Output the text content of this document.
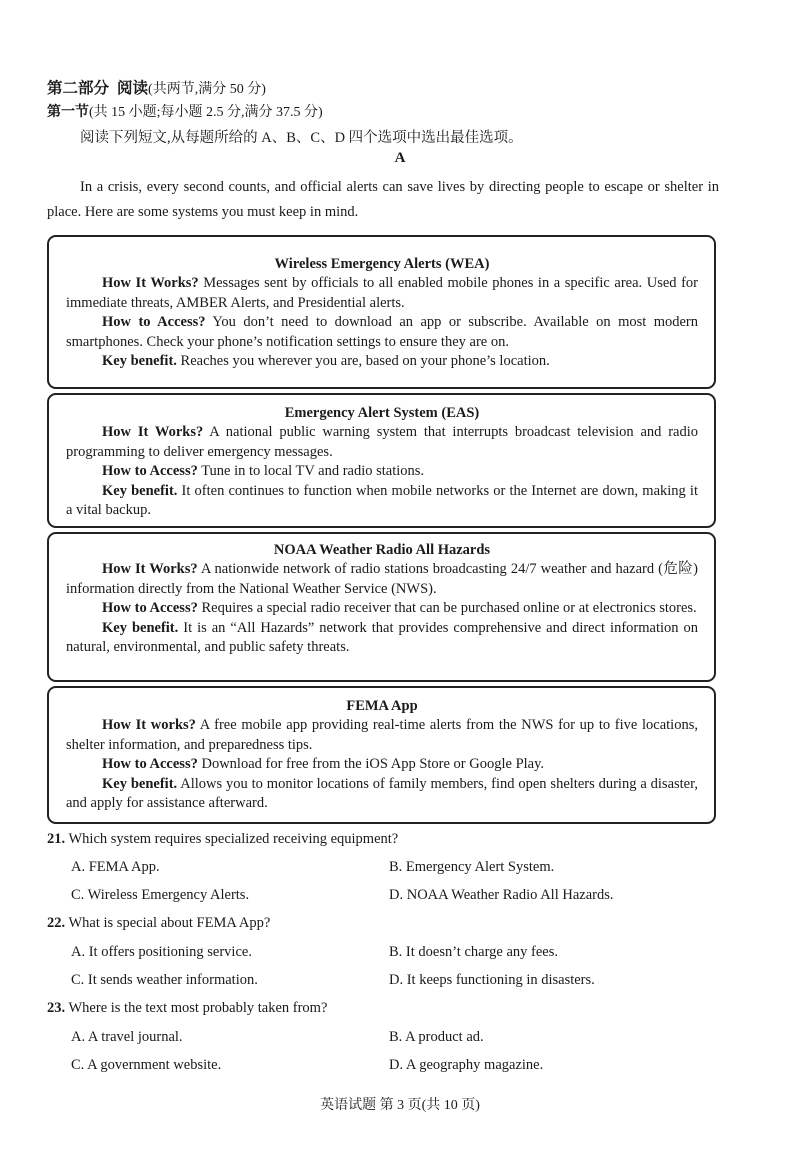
第二部分 阅读(共两节,满分 50 分)
第一节(共 15 小题;每小题 2.5 分,满分 37.5 分)
阅读下列短文,从每题所给的 A、B、C、D 四个选项中选出最佳选项。
A
In a crisis, every second counts, and official alerts can save lives by directing people to escape or shelter in place. Here are some systems you must keep in mind.
Wireless Emergency Alerts (WEA)

How It Works? Messages sent by officials to all enabled mobile phones in a specific area. Used for immediate threats, AMBER Alerts, and Presidential alerts.

How to Access? You don’t need to download an app or subscribe. Available on most modern smartphones. Check your phone’s notification settings to ensure they are on.

Key benefit. Reaches you wherever you are, based on your phone’s location.

Emergency Alert System (EAS)

How It Works? A national public warning system that interrupts broadcast television and radio programming to deliver emergency messages.

How to Access? Tune in to local TV and radio stations.

Key benefit. It often continues to function when mobile networks or the Internet are down, making it a vital backup.

NOAA Weather Radio All Hazards

How It Works? A nationwide network of radio stations broadcasting 24/7 weather and hazard (危险) information directly from the National Weather Service (NWS).

How to Access? Requires a special radio receiver that can be purchased online or at electronics stores.

Key benefit. It is an “All Hazards” network that provides comprehensive and direct information on natural, environmental, and public safety threats.

FEMA App

How It works? A free mobile app providing real-time alerts from the NWS for up to five locations, shelter information, and preparedness tips.

How to Access? Download for free from the iOS App Store or Google Play.

Key benefit. Allows you to monitor locations of family members, find open shelters during a disaster, and apply for assistance afterward.

21. Which system requires specialized receiving equipment?
A. FEMA App.	B. Emergency Alert System.
C. Wireless Emergency Alerts.	D. NOAA Weather Radio All Hazards.
22. What is special about FEMA App?
A. It offers positioning service.	B. It doesn’t charge any fees.
C. It sends weather information.	D. It keeps functioning in disasters.
23. Where is the text most probably taken from?
A. A travel journal.	B. A product ad.
C. A government website.	D. A geography magazine.
英语试题 第 3 页(共 10 页)
